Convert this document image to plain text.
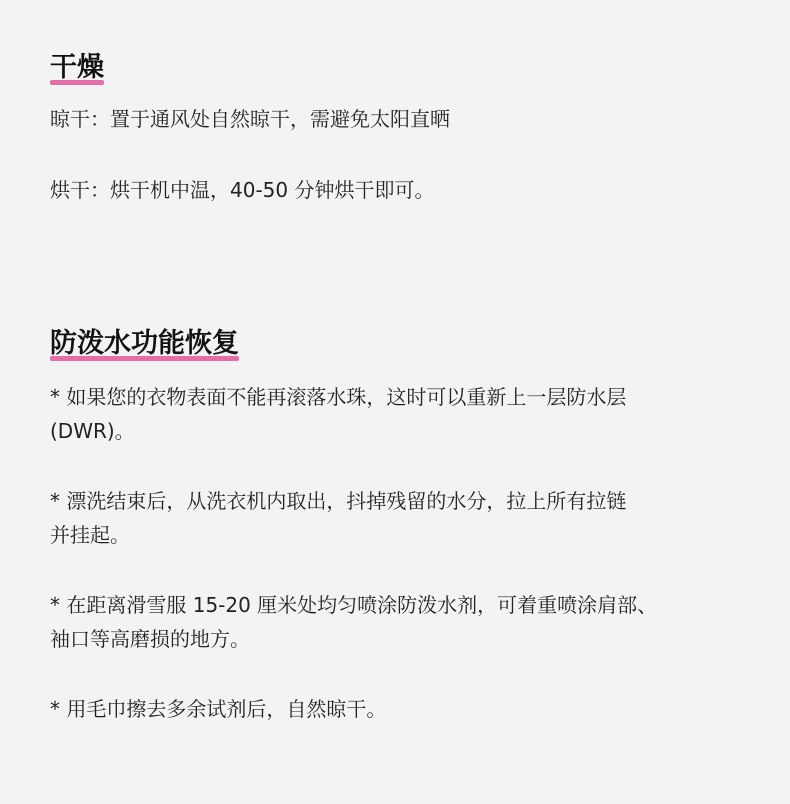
干燥

晾干：置于通风处自然晾干，需避免太阳直晒

烘干：烘干机中温，40-50 分钟烘干即可。

防泼水功能恢复

* 如果您的衣物表面不能再滚落水珠，这时可以重新上一层防水层
(DWR)。

* 漂洗结束后，从洗衣机内取出，抖掉残留的水分，拉上所有拉链
并挂起。

* 在距离滑雪服 15-20 厘米处均匀喷涂防泼水剂，可着重喷涂肩部、
袖口等高磨损的地方。

* 用毛巾擦去多余试剂后，自然晾干。
